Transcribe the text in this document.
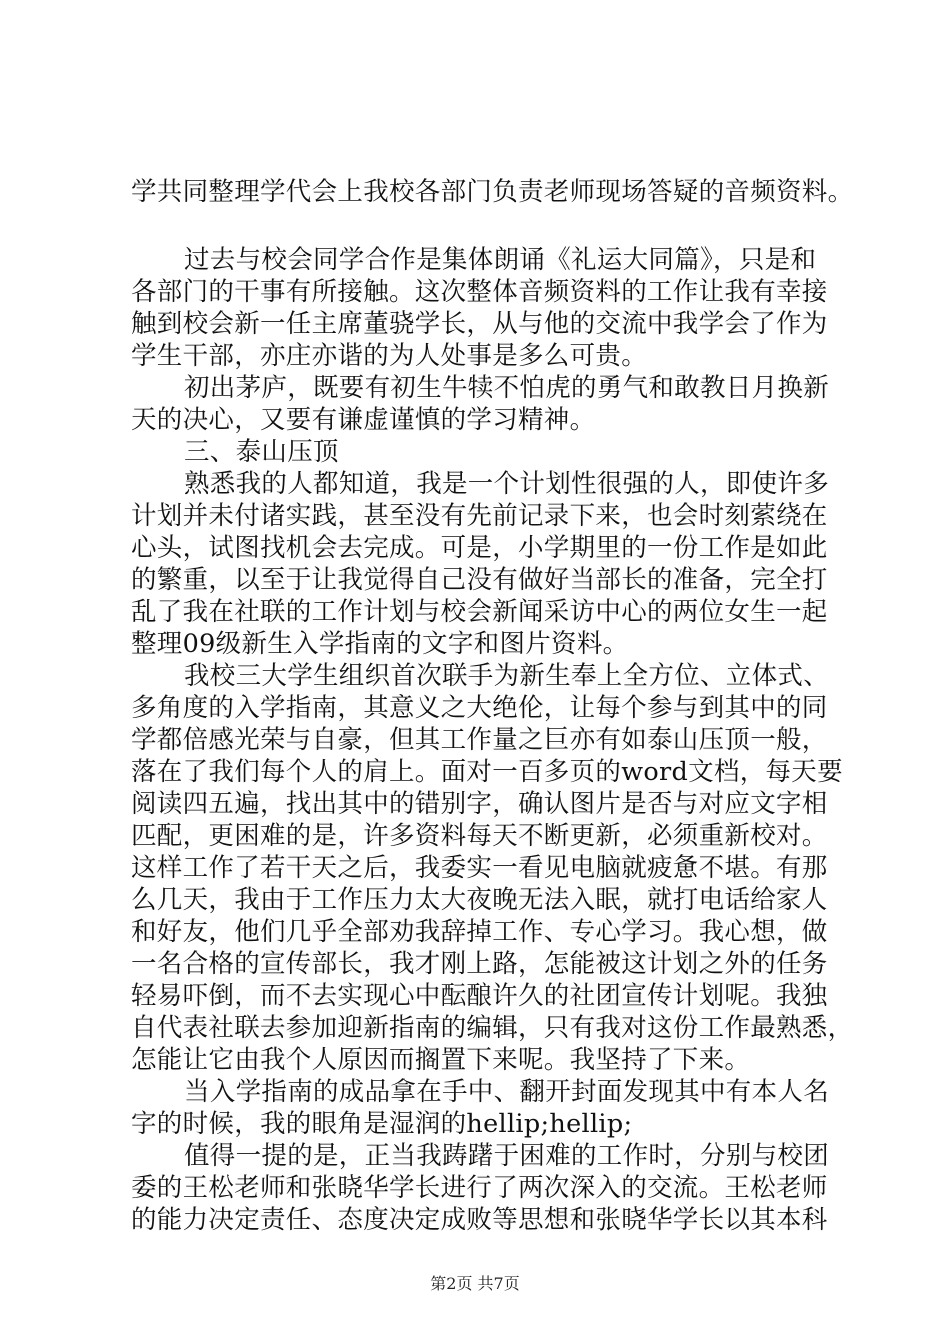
学共同整理学代会上我校各部门负责老师现场答疑的音频资料。
过去与校会同学合作是集体朗诵《礼运大同篇》，只是和
各部门的干事有所接触。这次整体音频资料的工作让我有幸接
触到校会新一任主席董骁学长，从与他的交流中我学会了作为
学生干部，亦庄亦谐的为人处事是多么可贵。
初出茅庐，既要有初生牛犊不怕虎的勇气和敢教日月换新
天的决心，又要有谦虚谨慎的学习精神。
三、泰山压顶
熟悉我的人都知道，我是一个计划性很强的人，即使许多
计划并未付诸实践，甚至没有先前记录下来，也会时刻萦绕在
心头，试图找机会去完成。可是，小学期里的一份工作是如此
的繁重，以至于让我觉得自己没有做好当部长的准备，完全打
乱了我在社联的工作计划与校会新闻采访中心的两位女生一起
整理09级新生入学指南的文字和图片资料。
我校三大学生组织首次联手为新生奉上全方位、立体式、
多角度的入学指南，其意义之大绝伦，让每个参与到其中的同
学都倍感光荣与自豪，但其工作量之巨亦有如泰山压顶一般，
落在了我们每个人的肩上。面对一百多页的word文档，每天要
阅读四五遍，找出其中的错别字，确认图片是否与对应文字相
匹配，更困难的是，许多资料每天不断更新，必须重新校对。
这样工作了若干天之后，我委实一看见电脑就疲惫不堪。有那
么几天，我由于工作压力太大夜晚无法入眠，就打电话给家人
和好友，他们几乎全部劝我辞掉工作、专心学习。我心想，做
一名合格的宣传部长，我才刚上路，怎能被这计划之外的任务
轻易吓倒，而不去实现心中酝酿许久的社团宣传计划呢。我独
自代表社联去参加迎新指南的编辑，只有我对这份工作最熟悉，
怎能让它由我个人原因而搁置下来呢。我坚持了下来。
当入学指南的成品拿在手中、翻开封面发现其中有本人名
字的时候，我的眼角是湿润的hellip;hellip;
值得一提的是，正当我踌躇于困难的工作时，分别与校团
委的王松老师和张晓华学长进行了两次深入的交流。王松老师
的能力决定责任、态度决定成败等思想和张晓华学长以其本科
第2页 共7页
